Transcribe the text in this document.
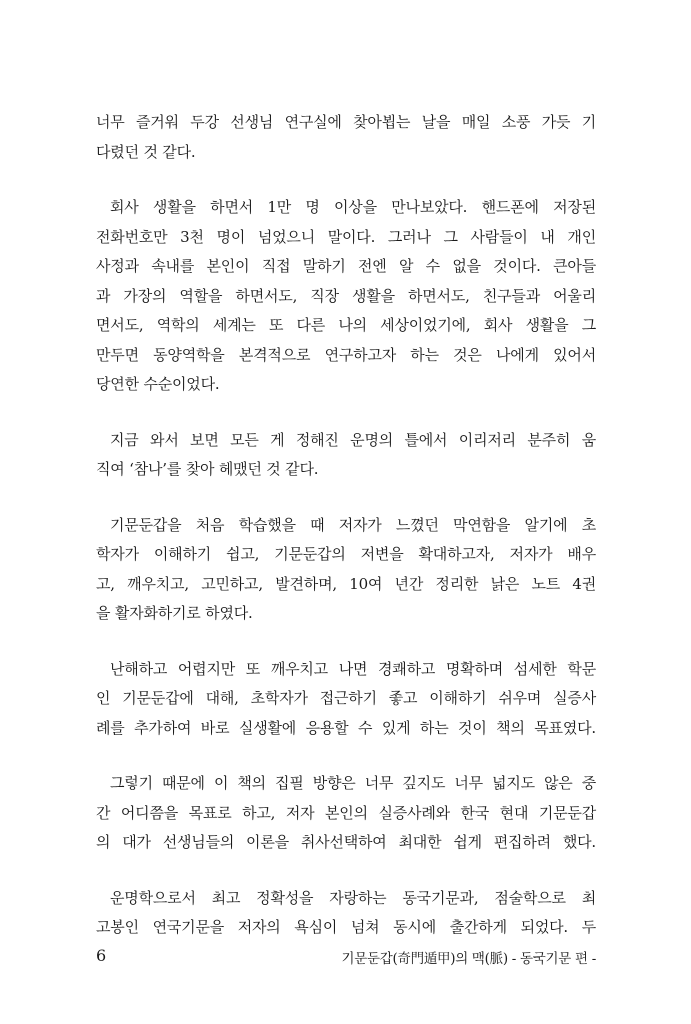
너무 즐거워 두강 선생님 연구실에 찾아뵙는 날을 매일 소풍 가듯 기
다렸던 것 같다.

회사 생활을 하면서 1만 명 이상을 만나보았다. 핸드폰에 저장된
전화번호만 3천 명이 넘었으니 말이다. 그러나 그 사람들이 내 개인
사정과 속내를 본인이 직접 말하기 전엔 알 수 없을 것이다. 큰아들
과 가장의 역할을 하면서도, 직장 생활을 하면서도, 친구들과 어울리
면서도, 역학의 세계는 또 다른 나의 세상이었기에, 회사 생활을 그
만두면 동양역학을 본격적으로 연구하고자 하는 것은 나에게 있어서
당연한 수순이었다.

지금 와서 보면 모든 게 정해진 운명의 틀에서 이리저리 분주히 움
직여 ‘참나’를 찾아 헤맸던 것 같다.

기문둔갑을 처음 학습했을 때 저자가 느꼈던 막연함을 알기에 초
학자가 이해하기 쉽고, 기문둔갑의 저변을 확대하고자, 저자가 배우
고, 깨우치고, 고민하고, 발견하며, 10여 년간 정리한 낡은 노트 4권
을 활자화하기로 하였다.

난해하고 어렵지만 또 깨우치고 나면 경쾌하고 명확하며 섬세한 학문
인 기문둔갑에 대해, 초학자가 접근하기 좋고 이해하기 쉬우며 실증사
례를 추가하여 바로 실생활에 응용할 수 있게 하는 것이 책의 목표였다.

그렇기 때문에 이 책의 집필 방향은 너무 깊지도 너무 넓지도 않은 중
간 어디쯤을 목표로 하고, 저자 본인의 실증사례와 한국 현대 기문둔갑
의 대가 선생님들의 이론을 취사선택하여 최대한 쉽게 편집하려 했다.

운명학으로서 최고 정확성을 자랑하는 동국기문과, 점술학으로 최
고봉인 연국기문을 저자의 욕심이 넘쳐 동시에 출간하게 되었다. 두

6	기문둔갑(奇門遁甲)의 맥(脈) - 동국기문 편 -
